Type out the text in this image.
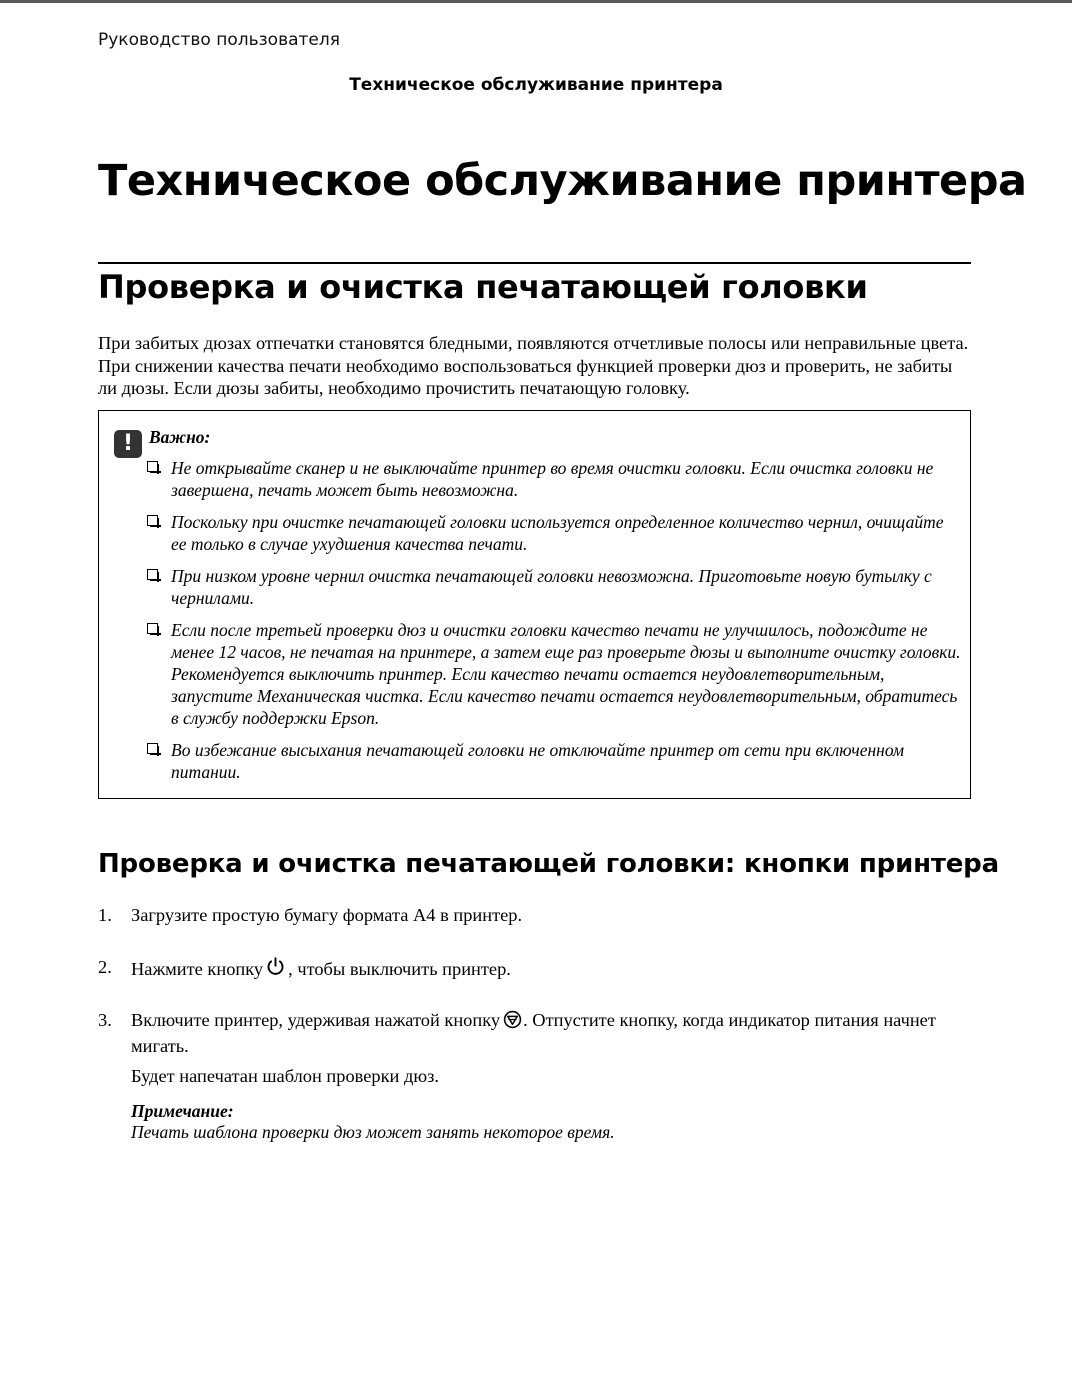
Руководство пользователя
Техническое обслуживание принтера
Техническое обслуживание принтера
Проверка и очистка печатающей головки

При забитых дюзах отпечатки становятся бледными, появляются отчетливые полосы или неправильные цвета. При снижении качества печати необходимо воспользоваться функцией проверки дюз и проверить, не забиты ли дюзы. Если дюзы забиты, необходимо прочистить печатающую головку.

! Важно:
Не открывайте сканер и не выключайте принтер во время очистки головки. Если очистка головки не завершена, печать может быть невозможна.
Поскольку при очистке печатающей головки используется определенное количество чернил, очищайте ее только в случае ухудшения качества печати.
При низком уровне чернил очистка печатающей головки невозможна. Приготовьте новую бутылку с чернилами.
Если после третьей проверки дюз и очистки головки качество печати не улучшилось, подождите не менее 12 часов, не печатая на принтере, а затем еще раз проверьте дюзы и выполните очистку головки. Рекомендуется выключить принтер. Если качество печати остается неудовлетворительным, запустите Механическая чистка. Если качество печати остается неудовлетворительным, обратитесь в службу поддержки Epson.
Во избежание высыхания печатающей головки не отключайте принтер от сети при включенном питании.
Проверка и очистка печатающей головки: кнопки принтера
1. Загрузите простую бумагу формата А4 в принтер.
2. Нажмите кнопку , чтобы выключить принтер.
3. Включите принтер, удерживая нажатой кнопку . Отпустите кнопку, когда индикатор питания начнет мигать.
Будет напечатан шаблон проверки дюз.
Примечание:
Печать шаблона проверки дюз может занять некоторое время.
